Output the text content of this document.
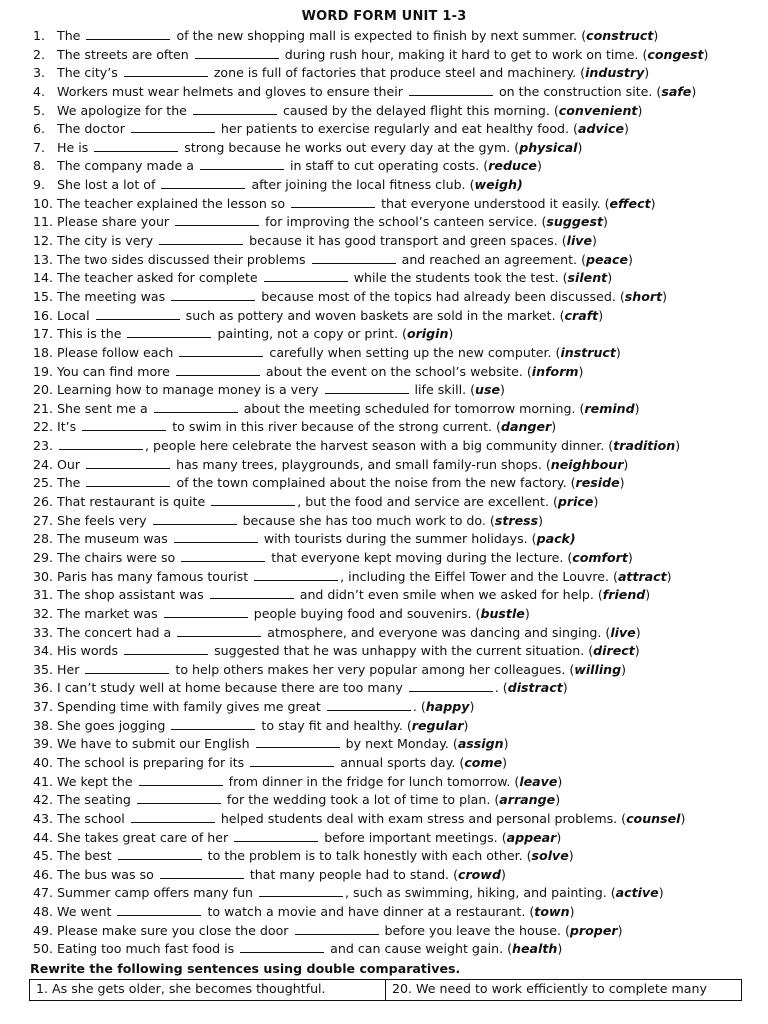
WORD FORM UNIT 1-3
1. The	of the new shopping mall is expected to finish by next summer. (construct)
2. The streets are often	during rush hour, making it hard to get to work on time. (congest)
3. The city’s	zone is full of factories that produce steel and machinery. (industry)
4. Workers must wear helmets and gloves to ensure their	on the construction site. (safe)
5. We apologize for the	caused by the delayed flight this morning. (convenient)
6. The doctor	her patients to exercise regularly and eat healthy food. (advice)
7. He is	strong because he works out every day at the gym. (physical)
8. The company made a	in staff to cut operating costs. (reduce)
9. She lost a lot of	after joining the local fitness club. (weigh)
10. The teacher explained the lesson so	that everyone understood it easily. (effect)
11. Please share your	for improving the school’s canteen service. (suggest)
12. The city is very	because it has good transport and green spaces. (live)
13. The two sides discussed their problems	and reached an agreement. (peace)
14. The teacher asked for complete	while the students took the test. (silent)
15. The meeting was	because most of the topics had already been discussed. (short)
16. Local	such as pottery and woven baskets are sold in the market. (craft)
17. This is the	painting, not a copy or print. (origin)
18. Please follow each	carefully when setting up the new computer. (instruct)
19. You can find more	about the event on the school’s website. (inform)
20. Learning how to manage money is a very	life skill. (use)
21. She sent me a	about the meeting scheduled for tomorrow morning. (remind)
22. It’s	to swim in this river because of the strong current. (danger)
23.	, people here celebrate the harvest season with a big community dinner. (tradition)
24. Our	has many trees, playgrounds, and small family-run shops. (neighbour)
25. The	of the town complained about the noise from the new factory. (reside)
26. That restaurant is quite	, but the food and service are excellent. (price)
27. She feels very	because she has too much work to do. (stress)
28. The museum was	with tourists during the summer holidays. (pack)
29. The chairs were so	that everyone kept moving during the lecture. (comfort)
30. Paris has many famous tourist	, including the Eiffel Tower and the Louvre. (attract)
31. The shop assistant was	and didn’t even smile when we asked for help. (friend)
32. The market was	people buying food and souvenirs. (bustle)
33. The concert had a	atmosphere, and everyone was dancing and singing. (live)
34. His words	suggested that he was unhappy with the current situation. (direct)
35. Her	to help others makes her very popular among her colleagues. (willing)
36. I can’t study well at home because there are too many	. (distract)
37. Spending time with family gives me great	. (happy)
38. She goes jogging	to stay fit and healthy. (regular)
39. We have to submit our English	by next Monday. (assign)
40. The school is preparing for its	annual sports day. (come)
41. We kept the	from dinner in the fridge for lunch tomorrow. (leave)
42. The seating	for the wedding took a lot of time to plan. (arrange)
43. The school	helped students deal with exam stress and personal problems. (counsel)
44. She takes great care of her	before important meetings. (appear)
45. The best	to the problem is to talk honestly with each other. (solve)
46. The bus was so	that many people had to stand. (crowd)
47. Summer camp offers many fun	, such as swimming, hiking, and painting. (active)
48. We went	to watch a movie and have dinner at a restaurant. (town)
49. Please make sure you close the door	before you leave the house. (proper)
50. Eating too much fast food is	and can cause weight gain. (health)
Rewrite the following sentences using double comparatives.
1. As she gets older, she becomes thoughtful.	20. We need to work efficiently to complete many
